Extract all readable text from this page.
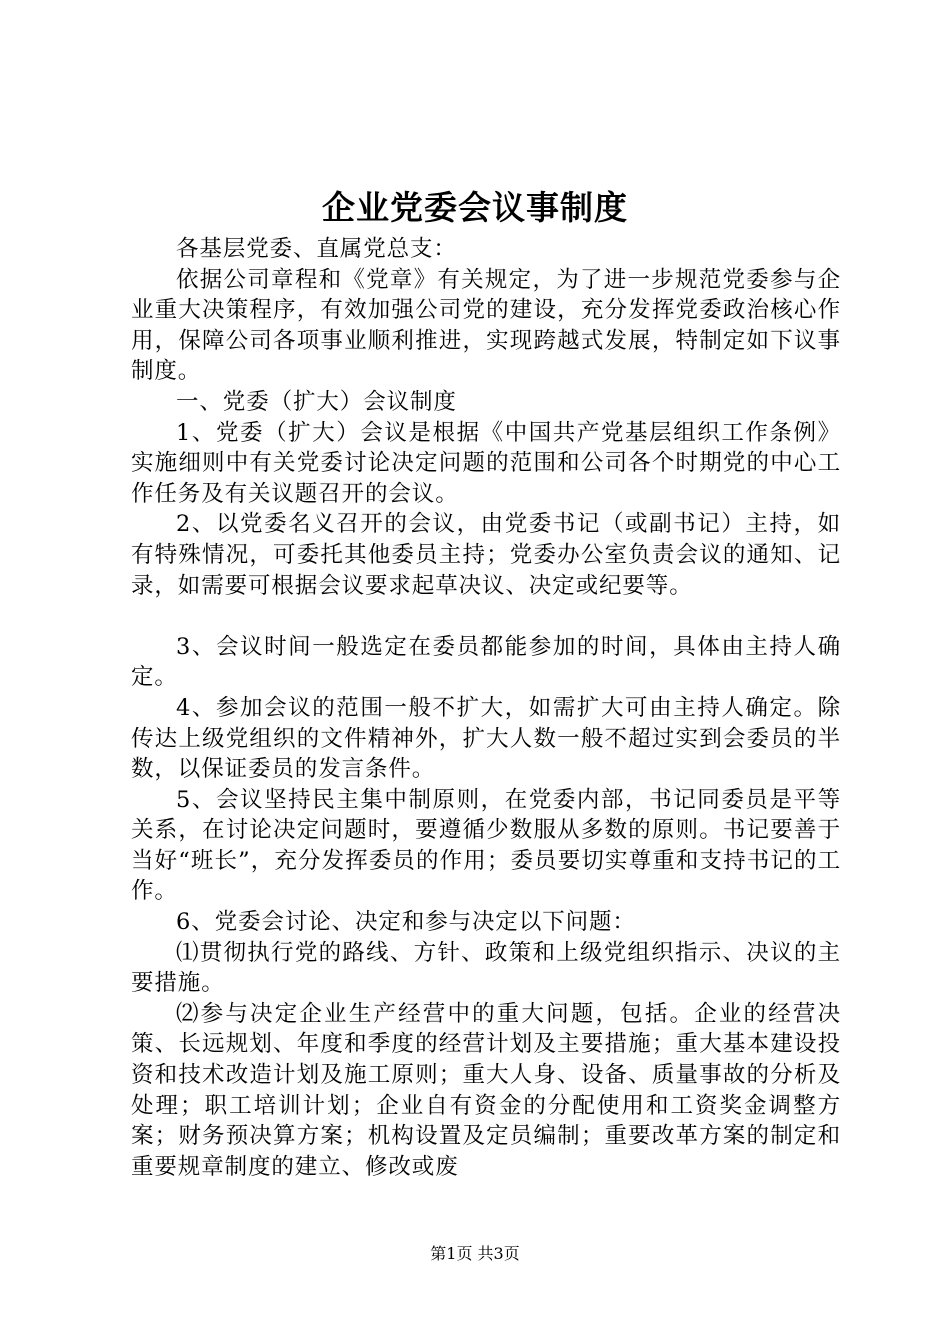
企业党委会议事制度

各基层党委、直属党总支：

依据公司章程和《党章》有关规定，为了进一步规范党委参与企业重大决策程序，有效加强公司党的建设，充分发挥党委政治核心作用，保障公司各项事业顺利推进，实现跨越式发展，特制定如下议事制度。

一、党委（扩大）会议制度

1、党委（扩大）会议是根据《中国共产党基层组织工作条例》实施细则中有关党委讨论决定问题的范围和公司各个时期党的中心工作任务及有关议题召开的会议。

2、以党委名义召开的会议，由党委书记（或副书记）主持，如有特殊情况，可委托其他委员主持；党委办公室负责会议的通知、记录，如需要可根据会议要求起草决议、决定或纪要等。

3、会议时间一般选定在委员都能参加的时间，具体由主持人确定。

4、参加会议的范围一般不扩大，如需扩大可由主持人确定。除传达上级党组织的文件精神外，扩大人数一般不超过实到会委员的半数，以保证委员的发言条件。

5、会议坚持民主集中制原则，在党委内部，书记同委员是平等关系，在讨论决定问题时，要遵循少数服从多数的原则。书记要善于当好“班长”，充分发挥委员的作用；委员要切实尊重和支持书记的工作。

6、党委会讨论、决定和参与决定以下问题：

⑴贯彻执行党的路线、方针、政策和上级党组织指示、决议的主要措施。

⑵参与决定企业生产经营中的重大问题，包括。企业的经营决策、长远规划、年度和季度的经营计划及主要措施；重大基本建设投资和技术改造计划及施工原则；重大人身、设备、质量事故的分析及处理；职工培训计划；企业自有资金的分配使用和工资奖金调整方案；财务预决算方案；机构设置及定员编制；重要改革方案的制定和重要规章制度的建立、修改或废

第1页 共3页
